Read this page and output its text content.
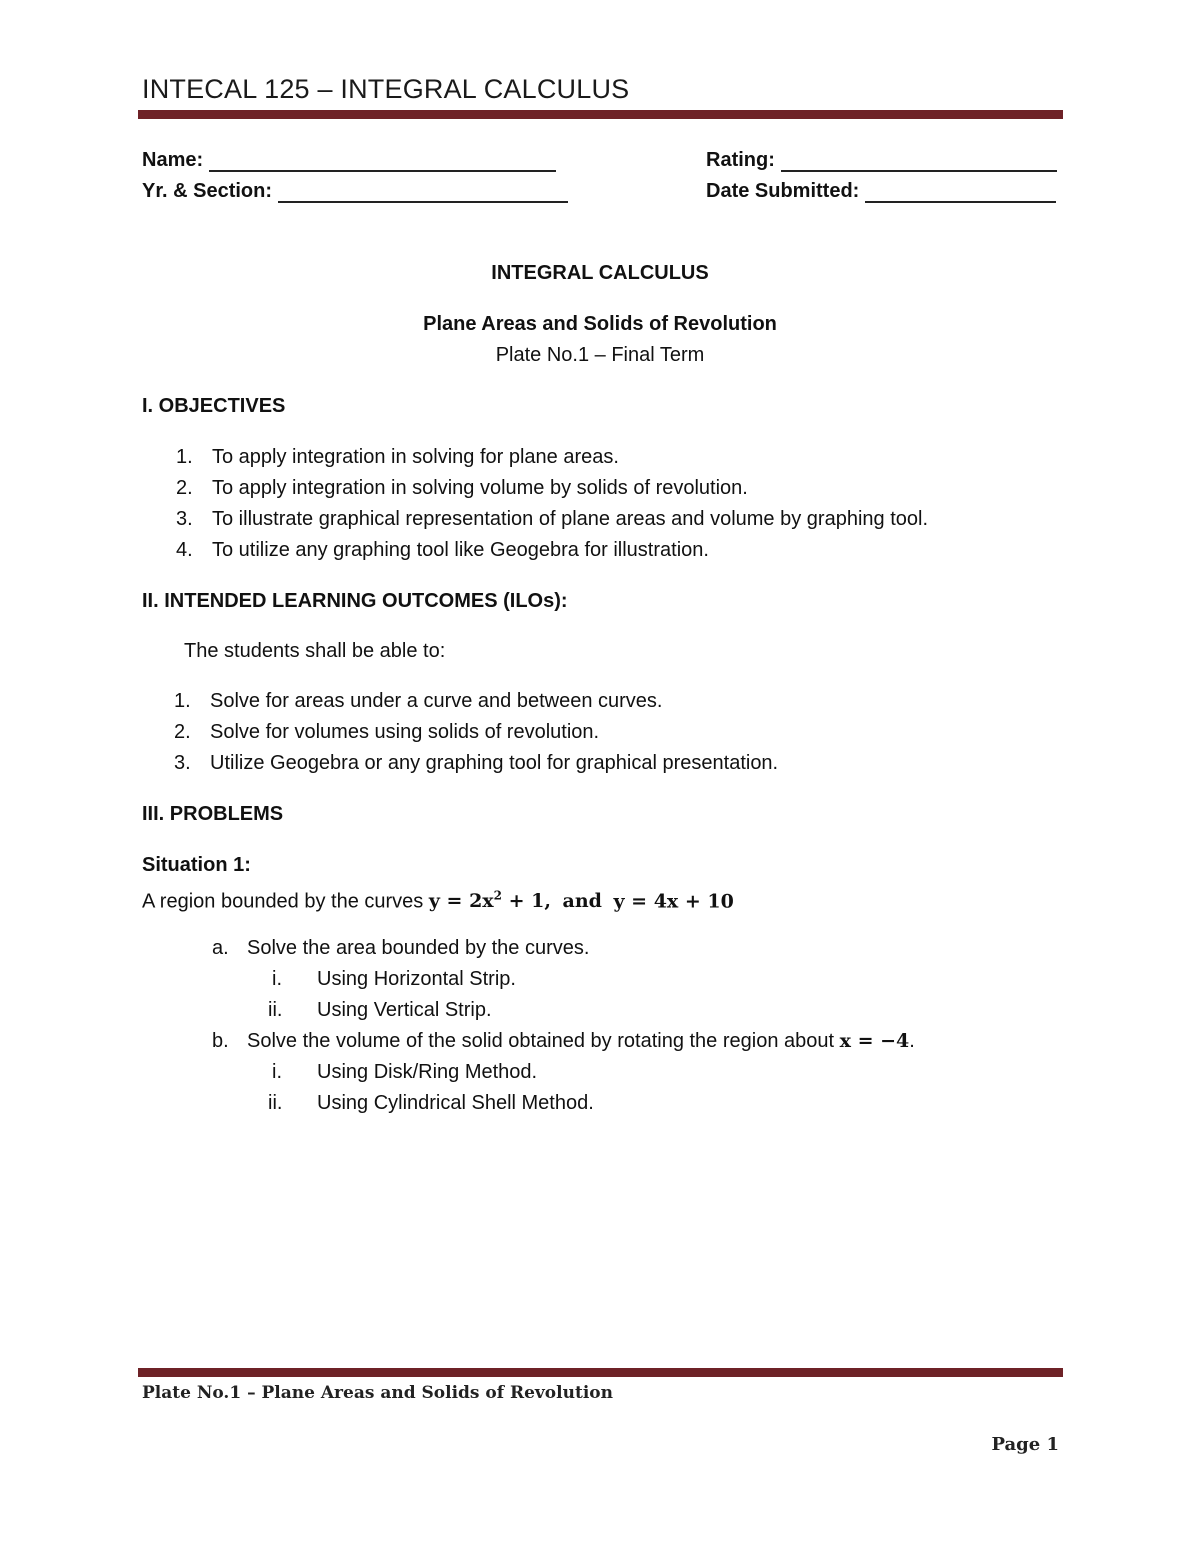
INTECAL 125 – INTEGRAL CALCULUS
Name:
Yr. & Section:
Rating:
Date Submitted:
INTEGRAL CALCULUS
Plane Areas and Solids of Revolution
Plate No.1 – Final Term
I. OBJECTIVES
1. To apply integration in solving for plane areas.
2. To apply integration in solving volume by solids of revolution.
3. To illustrate graphical representation of plane areas and volume by graphing tool.
4. To utilize any graphing tool like Geogebra for illustration.
II. INTENDED LEARNING OUTCOMES (ILOs):
The students shall be able to:
1. Solve for areas under a curve and between curves.
2. Solve for volumes using solids of revolution.
3. Utilize Geogebra or any graphing tool for graphical presentation.
III. PROBLEMS
Situation 1:
A region bounded by the curves $y = 2x^2 + 1$, and y = 4x + 10
a. Solve the area bounded by the curves.
i. Using Horizontal Strip.
ii. Using Vertical Strip.
b. Solve the volume of the solid obtained by rotating the region about x = −4.
i. Using Disk/Ring Method.
ii. Using Cylindrical Shell Method.
Plate No.1 – Plane Areas and Solids of Revolution
Page 1
